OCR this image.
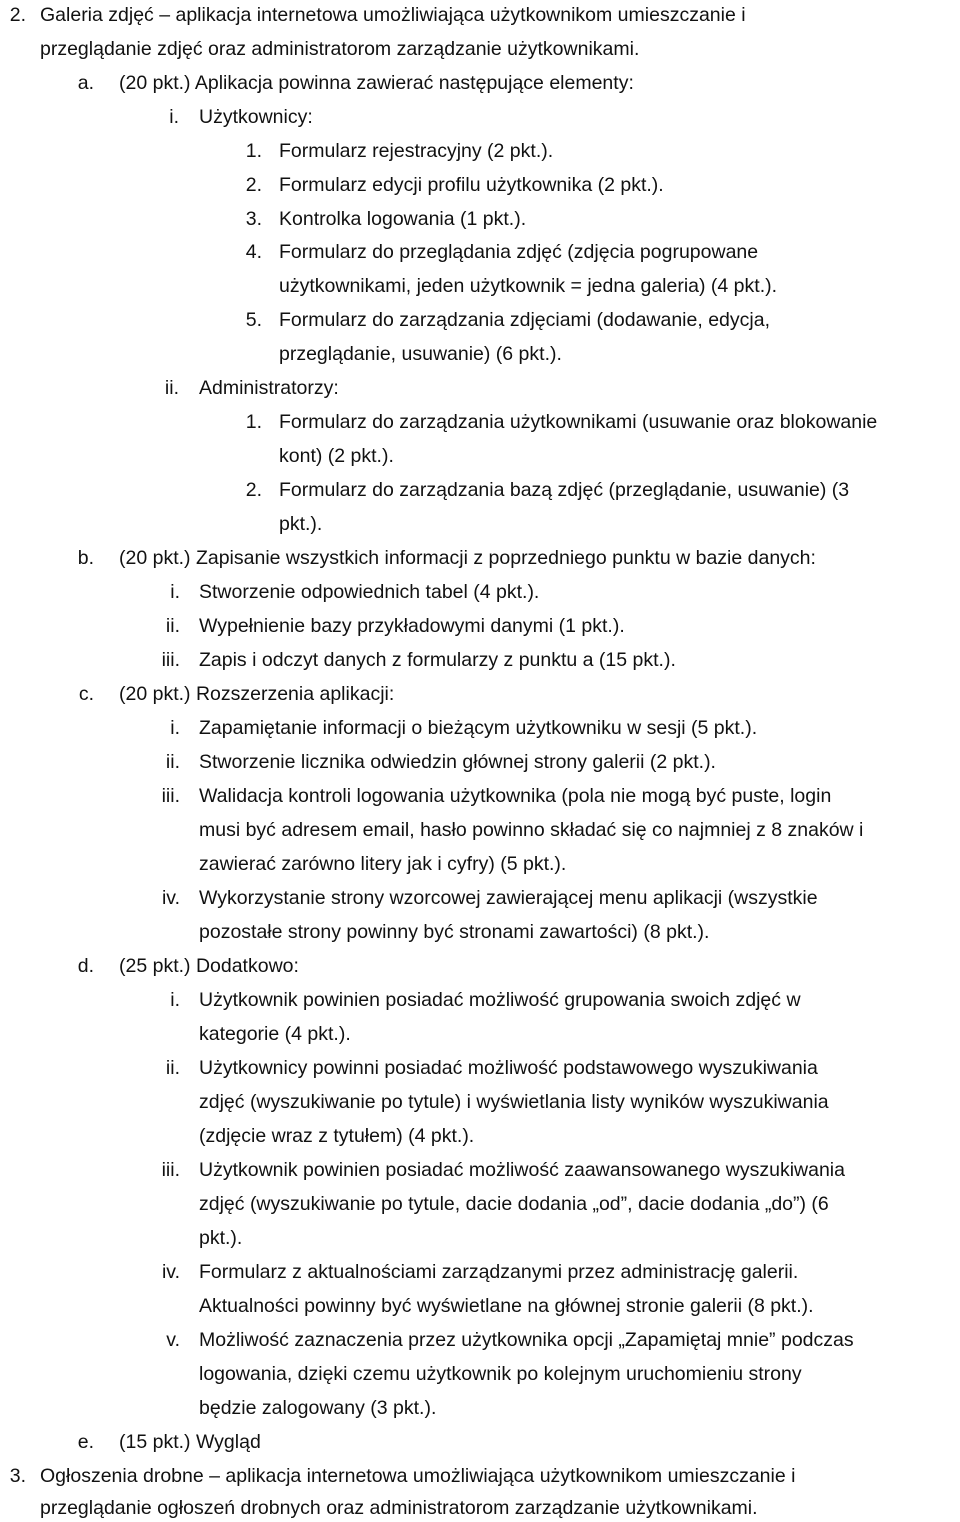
2. Galeria zdjęć – aplikacja internetowa umożliwiająca użytkownikom umieszczanie i
przeglądanie zdjęć oraz administratorom zarządzanie użytkownikami.
a. (20 pkt.) Aplikacja powinna zawierać następujące elementy:
i. Użytkownicy:
1. Formularz rejestracyjny (2 pkt.).
2. Formularz edycji profilu użytkownika (2 pkt.).
3. Kontrolka logowania (1 pkt.).
4. Formularz do przeglądania zdjęć (zdjęcia pogrupowane
użytkownikami, jeden użytkownik = jedna galeria) (4 pkt.).
5. Formularz do zarządzania zdjęciami (dodawanie, edycja,
przeglądanie, usuwanie) (6 pkt.).
ii. Administratorzy:
1. Formularz do zarządzania użytkownikami (usuwanie oraz blokowanie
kont) (2 pkt.).
2. Formularz do zarządzania bazą zdjęć (przeglądanie, usuwanie) (3
pkt.).
b. (20 pkt.) Zapisanie wszystkich informacji z poprzedniego punktu w bazie danych:
i. Stworzenie odpowiednich tabel (4 pkt.).
ii. Wypełnienie bazy przykładowymi danymi (1 pkt.).
iii. Zapis i odczyt danych z formularzy z punktu a (15 pkt.).
c. (20 pkt.) Rozszerzenia aplikacji:
i. Zapamiętanie informacji o bieżącym użytkowniku w sesji (5 pkt.).
ii. Stworzenie licznika odwiedzin głównej strony galerii (2 pkt.).
iii. Walidacja kontroli logowania użytkownika (pola nie mogą być puste, login
musi być adresem email, hasło powinno składać się co najmniej z 8 znaków i
zawierać zarówno litery jak i cyfry) (5 pkt.).
iv. Wykorzystanie strony wzorcowej zawierającej menu aplikacji (wszystkie
pozostałe strony powinny być stronami zawartości) (8 pkt.).
d. (25 pkt.) Dodatkowo:
i. Użytkownik powinien posiadać możliwość grupowania swoich zdjęć w
kategorie (4 pkt.).
ii. Użytkownicy powinni posiadać możliwość podstawowego wyszukiwania
zdjęć (wyszukiwanie po tytule) i wyświetlania listy wyników wyszukiwania
(zdjęcie wraz z tytułem) (4 pkt.).
iii. Użytkownik powinien posiadać możliwość zaawansowanego wyszukiwania
zdjęć (wyszukiwanie po tytule, dacie dodania „od”, dacie dodania „do”) (6
pkt.).
iv. Formularz z aktualnościami zarządzanymi przez administrację galerii.
Aktualności powinny być wyświetlane na głównej stronie galerii (8 pkt.).
v. Możliwość zaznaczenia przez użytkownika opcji „Zapamiętaj mnie” podczas
logowania, dzięki czemu użytkownik po kolejnym uruchomieniu strony
będzie zalogowany (3 pkt.).
e. (15 pkt.) Wygląd
3. Ogłoszenia drobne – aplikacja internetowa umożliwiająca użytkownikom umieszczanie i
przeglądanie ogłoszeń drobnych oraz administratorom zarządzanie użytkownikami.
